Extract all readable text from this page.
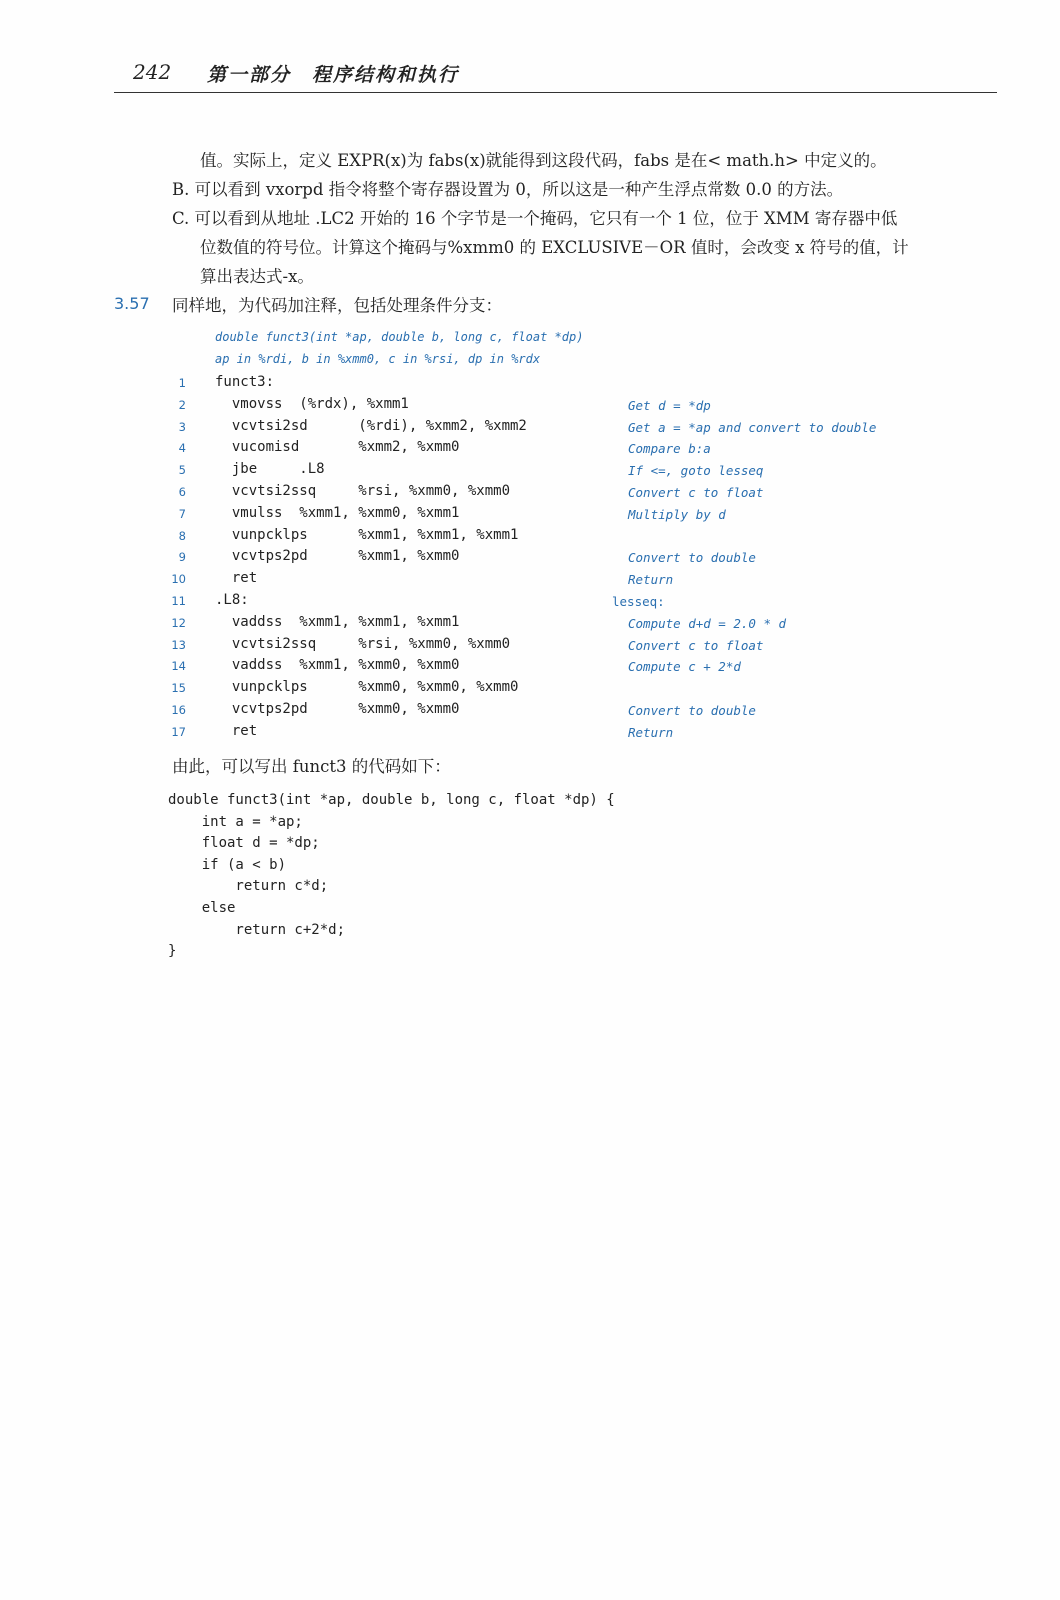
242 第一部分　程序结构和执行
值。实际上，定义 EXPR(x)为 fabs(x)就能得到这段代码，fabs 是在< math.h> 中定义的。
B. 可以看到 vxorpd 指令将整个寄存器设置为 0，所以这是一种产生浮点常数 0.0 的方法。
C. 可以看到从地址 .LC2 开始的 16 个字节是一个掩码，它只有一个 1 位，位于 XMM 寄存器中低
位数值的符号位。计算这个掩码与%xmm0 的 EXCLUSIVE－OR 值时，会改变 x 符号的值，计
算出表达式-x。
3.57 同样地，为代码加注释，包括处理条件分支：
double funct3(int *ap, double b, long c, float *dp)
ap in %rdi, b in %xmm0, c in %rsi, dp in %rdx
1 funct3:
2 vmovss  (%rdx), %xmm1	Get d = *dp
3 vcvtsi2sd      (%rdi), %xmm2, %xmm2	Get a = *ap and convert to double
4 vucomisd       %xmm2, %xmm0	Compare b:a
5 jbe     .L8	If <=, goto lesseq
6 vcvtsi2ssq     %rsi, %xmm0, %xmm0	Convert c to float
7 vmulss  %xmm1, %xmm0, %xmm1	Multiply by d
8 vunpcklps      %xmm1, %xmm1, %xmm1
9 vcvtps2pd      %xmm1, %xmm0	Convert to double
10 ret	Return
11 .L8:	lesseq:
12 vaddss  %xmm1, %xmm1, %xmm1	Compute d+d = 2.0 * d
13 vcvtsi2ssq     %rsi, %xmm0, %xmm0	Convert c to float
14 vaddss  %xmm1, %xmm0, %xmm0	Compute c + 2*d
15 vunpcklps      %xmm0, %xmm0, %xmm0
16 vcvtps2pd      %xmm0, %xmm0	Convert to double
17 ret	Return
由此，可以写出 funct3 的代码如下：
double funct3(int *ap, double b, long c, float *dp) {
int a = *ap;
float d = *dp;
if (a < b)
return c*d;
else
return c+2*d;
}
